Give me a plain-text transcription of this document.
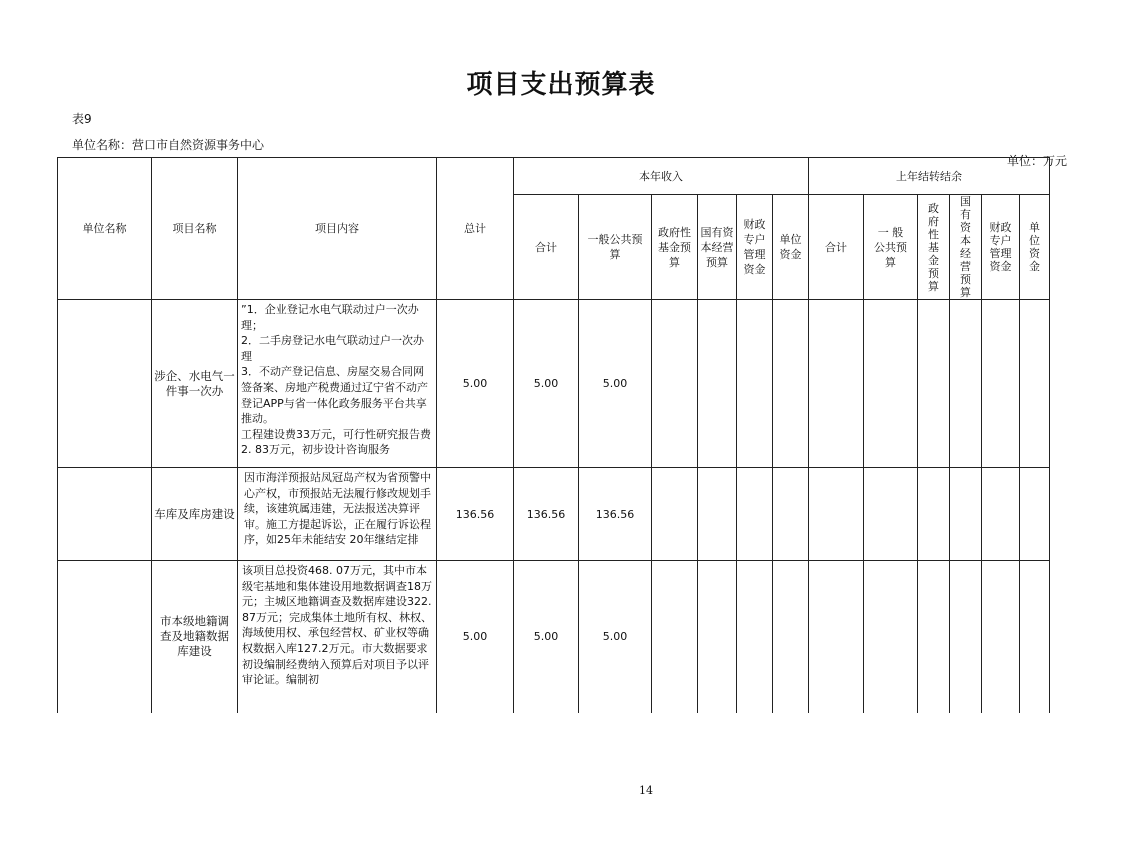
项目支出预算表
表9
单位名称：营口市自然资源事务中心
单位：万元
单位名称	项目名称	项目内容	总计	本年收入						上年结转结余					
				合计	一般公共预算	政府性基金预算	国有资本经营预算	财政专户管理资金	单位资金	合计	一 般公共预算	政府性基金预算	国有资本经营预算	财政专户管理资金	单位资金
	涉企、水电气一件事一次办	”1．企业登记水电气联动过户一次办理；
2．二手房登记水电气联动过户一次办理
3．不动产登记信息、房屋交易合同网签备案、房地产税费通过辽宁省不动产登记APP与省一体化政务服务平台共享推动。
工程建设费33万元，可行性研究报告费2. 83万元，初步设计咨询服务	5.00	5.00	5.00										
	车库及库房建设	因市海洋预报站凤冠岛产权为省预警中心产权，市预报站无法履行修改规划手续，该建筑属违建，无法报送决算评审。施工方提起诉讼，正在履行诉讼程序，如25年未能结安 20年继结定排	136.56	136.56	136.56										
	市本级地籍调查及地籍数据库建设	该项目总投资468. 07万元，其中市本级宅基地和集体建设用地数据调查18万元；主城区地籍调查及数据库建设322. 87万元；完成集体土地所有权、林权、海域使用权、承包经营权、矿业权等确权数据入库127.2万元。市大数据要求初设编制经费纳入预算后对项目予以评审论证。编制初	5.00	5.00	5.00										
14
